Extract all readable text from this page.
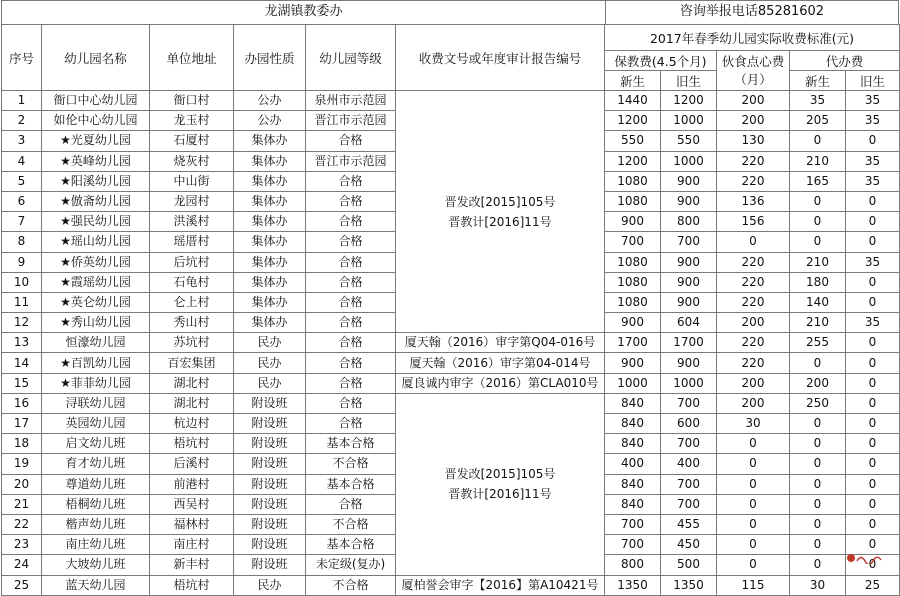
龙湖镇教委办	咨询举报电话85281602
序号	幼儿园名称	单位地址	办园性质	幼儿园等级	收费文号或年度审计报告编号	2017年春季幼儿园实际收费标准(元)				
						保教费(4.5个月)		伙食点心费（月）	代办费	
						新生	旧生		新生	旧生
1	衙口中心幼儿园	衙口村	公办	泉州市示范园	晋发改[2015]105号
晋教计[2016]11号	1440	1200	200	35	35
2	如伦中心幼儿园	龙玉村	公办	晋江市示范园		1200	1000	200	205	35
3	★光夏幼儿园	石厦村	集体办	合格		550	550	130	0	0
4	★英峰幼儿园	烧灰村	集体办	晋江市示范园		1200	1000	220	210	35
5	★阳溪幼儿园	中山街	集体办	合格		1080	900	220	165	35
6	★倣斋幼儿园	龙园村	集体办	合格		1080	900	136	0	0
7	★强民幼儿园	洪溪村	集体办	合格		900	800	156	0	0
8	★瑶山幼儿园	瑶厝村	集体办	合格		700	700	0	0	0
9	★侨英幼儿园	后坑村	集体办	合格		1080	900	220	210	35
10	★霞瑶幼儿园	石龟村	集体办	合格		1080	900	220	180	0
11	★英仑幼儿园	仑上村	集体办	合格		1080	900	220	140	0
12	★秀山幼儿园	秀山村	集体办	合格		900	604	200	210	35
13	恒濠幼儿园	苏坑村	民办	合格	厦天翰（2016）审字第Q04-016号	1700	1700	220	255	0
14	★百凯幼儿园	百宏集团	民办	合格	厦天翰（2016）审字第04-014号	900	900	220	0	0
15	★菲菲幼儿园	湖北村	民办	合格	厦良诚内审字（2016）第CLA010号	1000	1000	200	200	0
16	浔联幼儿园	湖北村	附设班	合格	晋发改[2015]105号
晋教计[2016]11号	840	700	200	250	0
17	英园幼儿园	杭边村	附设班	合格		840	600	30	0	0
18	启文幼儿班	梧坑村	附设班	基本合格		840	700	0	0	0
19	育才幼儿班	后溪村	附设班	不合格		400	400	0	0	0
20	尊道幼儿班	前港村	附设班	基本合格		840	700	0	0	0
21	梧桐幼儿班	西吴村	附设班	合格		840	700	0	0	0
22	楷声幼儿班	福林村	附设班	不合格		700	455	0	0	0
23	南庄幼儿班	南庄村	附设班	基本合格		700	450	0	0	0
24	大坡幼儿班	新丰村	附设班	未定级(复办)		800	500	0	0	0
25	蓝天幼儿园	梧坑村	民办	不合格	厦柏誉会审字【2016】第A10421号	1350	1350	115	30	25
